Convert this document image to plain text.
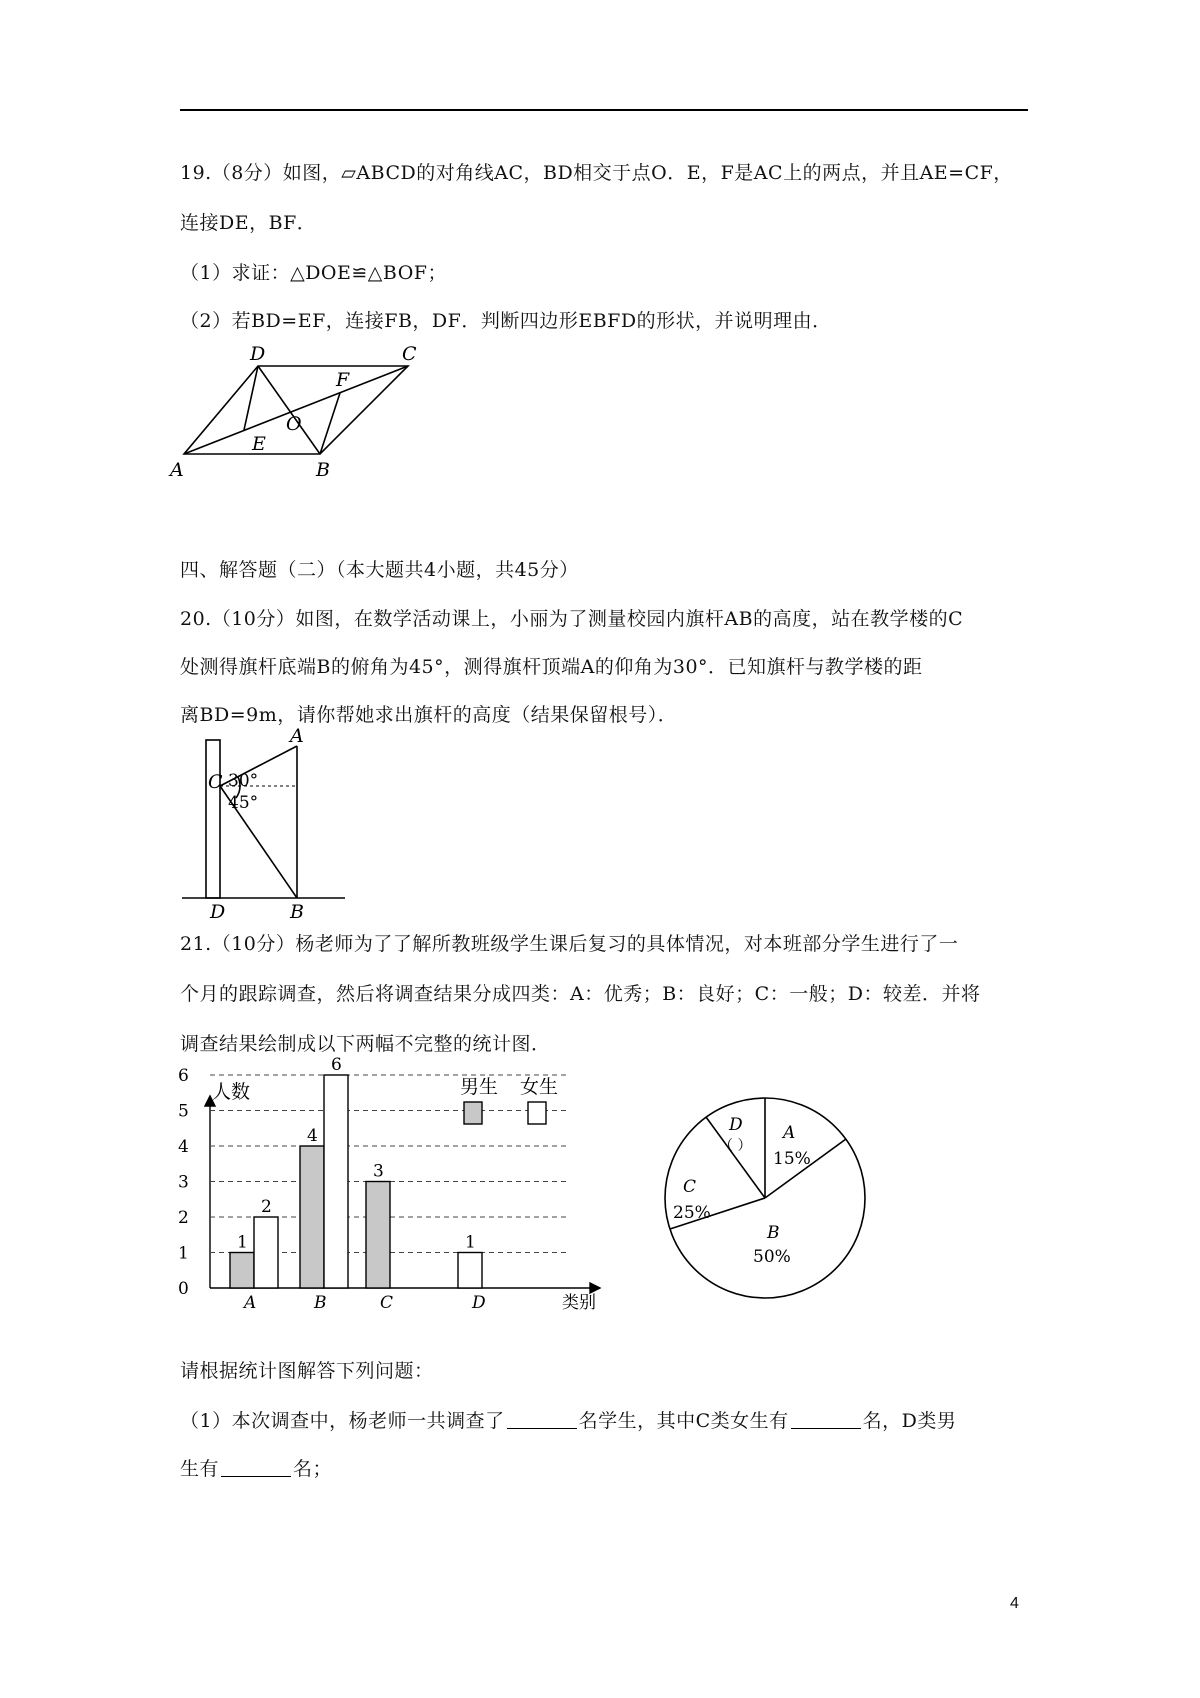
19.（8分）如图，▱ABCD的对角线AC，BD相交于点O．E，F是AC上的两点，并且AE=CF，
连接DE，BF．
（1）求证：△DOE≌△BOF；
（2）若BD=EF，连接FB，DF．判断四边形EBFD的形状，并说明理由．
A	B
C
D
E
F
O
四、解答题（二）（本大题共4小题，共45分）
20.（10分）如图，在数学活动课上，小丽为了测量校园内旗杆AB的高度，站在教学楼的C
处测得旗杆底端B的俯角为45°，测得旗杆顶端A的仰角为30°．已知旗杆与教学楼的距
离BD=9m，请你帮她求出旗杆的高度（结果保留根号）．
A
B
C
D
30°
45°
21.（10分）杨老师为了了解所教班级学生课后复习的具体情况，对本班部分学生进行了一
个月的跟踪调查，然后将调查结果分成四类：A：优秀；B：良好；C：一般；D：较差．并将
调查结果绘制成以下两幅不完整的统计图．
人数
类别
0
1
2
3
4
5
6
A	B	C	D
1
4
3
2
6
1
男生 女生
A
15%
B
50%
C
25%
D
（ ）
请根据统计图解答下列问题：
（1）本次调查中，杨老师一共调查了	名学生，其中C类女生有	名，D类男
生有	名；
4
